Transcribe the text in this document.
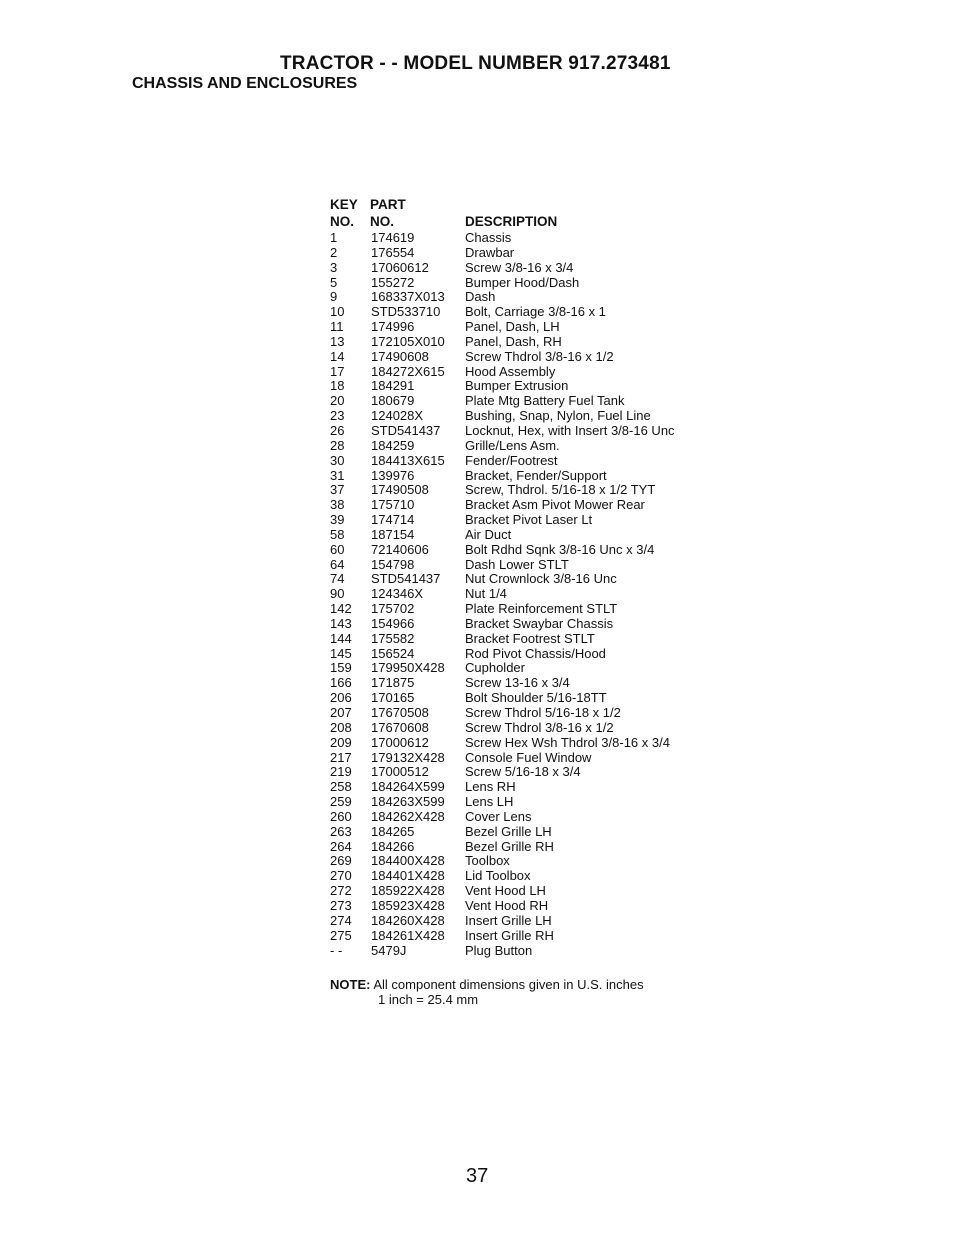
TRACTOR - - MODEL NUMBER 917.273481
CHASSIS AND ENCLOSURES
KEY PART
NO. NO.	DESCRIPTION
1	174619	Chassis
2	176554	Drawbar
3	17060612	Screw 3/8-16 x 3/4
5	155272	Bumper Hood/Dash
9	168337X013 Dash
10 STD533710 Bolt, Carriage 3/8-16 x 1
11 174996	Panel, Dash, LH
13 172105X010 Panel, Dash, RH
14 17490608	Screw Thdrol 3/8-16 x 1/2
17 184272X615 Hood Assembly
18 184291	Bumper Extrusion
20 180679	Plate Mtg Battery Fuel Tank
23 124028X	Bushing, Snap, Nylon, Fuel Line
26 STD541437 Locknut, Hex, with Insert 3/8-16 Unc
28 184259	Grille/Lens Asm.
30 184413X615 Fender/Footrest
31 139976	Bracket, Fender/Support
37 17490508	Screw, Thdrol. 5/16-18 x 1/2 TYT
38 175710	Bracket Asm Pivot Mower Rear
39 174714	Bracket Pivot Laser Lt
58 187154	Air Duct
60 72140606	Bolt Rdhd Sqnk 3/8-16 Unc x 3/4
64 154798	Dash Lower STLT
74 STD541437 Nut Crownlock 3/8-16 Unc
90 124346X	Nut 1/4
142 175702	Plate Reinforcement STLT
143 154966	Bracket Swaybar Chassis
144 175582	Bracket Footrest STLT
145 156524	Rod Pivot Chassis/Hood
159 179950X428 Cupholder
166 171875	Screw 13-16 x 3/4
206 170165	Bolt Shoulder 5/16-18TT
207 17670508	Screw Thdrol 5/16-18 x 1/2
208 17670608	Screw Thdrol 3/8-16 x 1/2
209 17000612	Screw Hex Wsh Thdrol 3/8-16 x 3/4
217 179132X428 Console Fuel Window
219 17000512	Screw 5/16-18 x 3/4
258 184264X599 Lens RH
259 184263X599 Lens LH
260 184262X428 Cover Lens
263 184265	Bezel Grille LH
264 184266	Bezel Grille RH
269 184400X428 Toolbox
270 184401X428 Lid Toolbox
272 185922X428 Vent Hood LH
273 185923X428 Vent Hood RH
274 184260X428 Insert Grille LH
275 184261X428 Insert Grille RH
- - 5479J	Plug Button
NOTE: All component dimensions given in U.S. inches
1 inch = 25.4 mm
37
